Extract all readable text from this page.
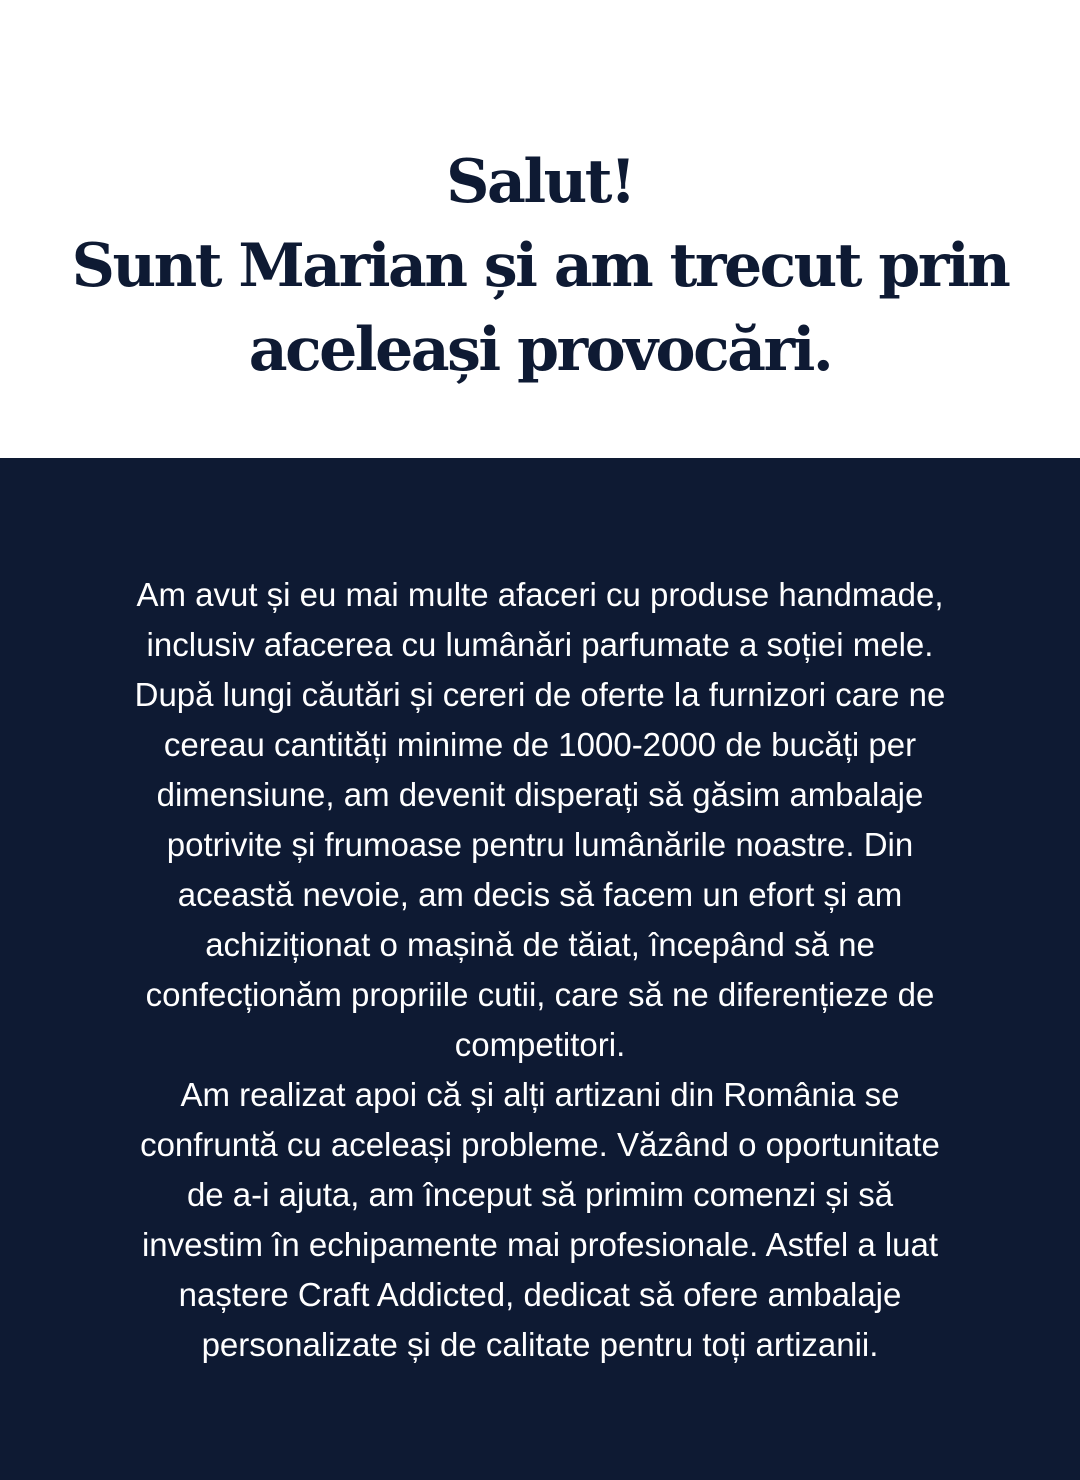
Salut!
Sunt Marian și am trecut prin
aceleași provocări.

Am avut și eu mai multe afaceri cu produse handmade,
inclusiv afacerea cu lumânări parfumate a soției mele.
După lungi căutări și cereri de oferte la furnizori care ne
cereau cantități minime de 1000-2000 de bucăți per
dimensiune, am devenit disperați să găsim ambalaje
potrivite și frumoase pentru lumânările noastre. Din
această nevoie, am decis să facem un efort și am
achiziționat o mașină de tăiat, începând să ne
confecționăm propriile cutii, care să ne diferențieze de
competitori.
Am realizat apoi că și alți artizani din România se
confruntă cu aceleași probleme. Văzând o oportunitate
de a-i ajuta, am început să primim comenzi și să
investim în echipamente mai profesionale. Astfel a luat
naștere Craft Addicted, dedicat să ofere ambalaje
personalizate și de calitate pentru toți artizanii.
